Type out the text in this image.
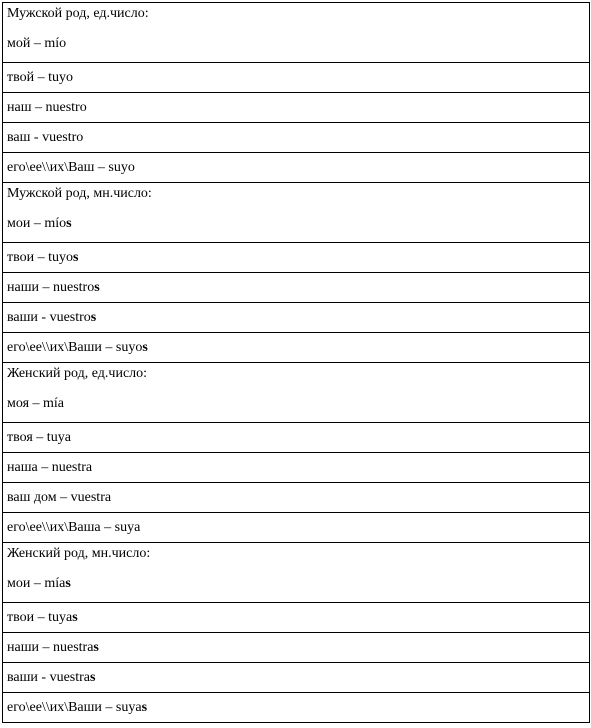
Мужской род, ед.число:
мой – mío

твой – tuyo
наш – nuestro
ваш - vuestro
его\ее\\их\Ваш – suyo

Мужской род, мн.число:
мои – míos

твои – tuyos
наши – nuestros
ваши - vuestros
его\ее\\их\Ваши – suyos

Женский род, ед.число:
моя – mía

твоя – tuya
наша – nuestra
ваш дом – vuestra
его\ее\\их\Ваша – suya

Женский род, мн.число:
мои – mías

твои – tuyas
наши – nuestras
ваши - vuestras
его\ее\\их\Ваши – suyas
